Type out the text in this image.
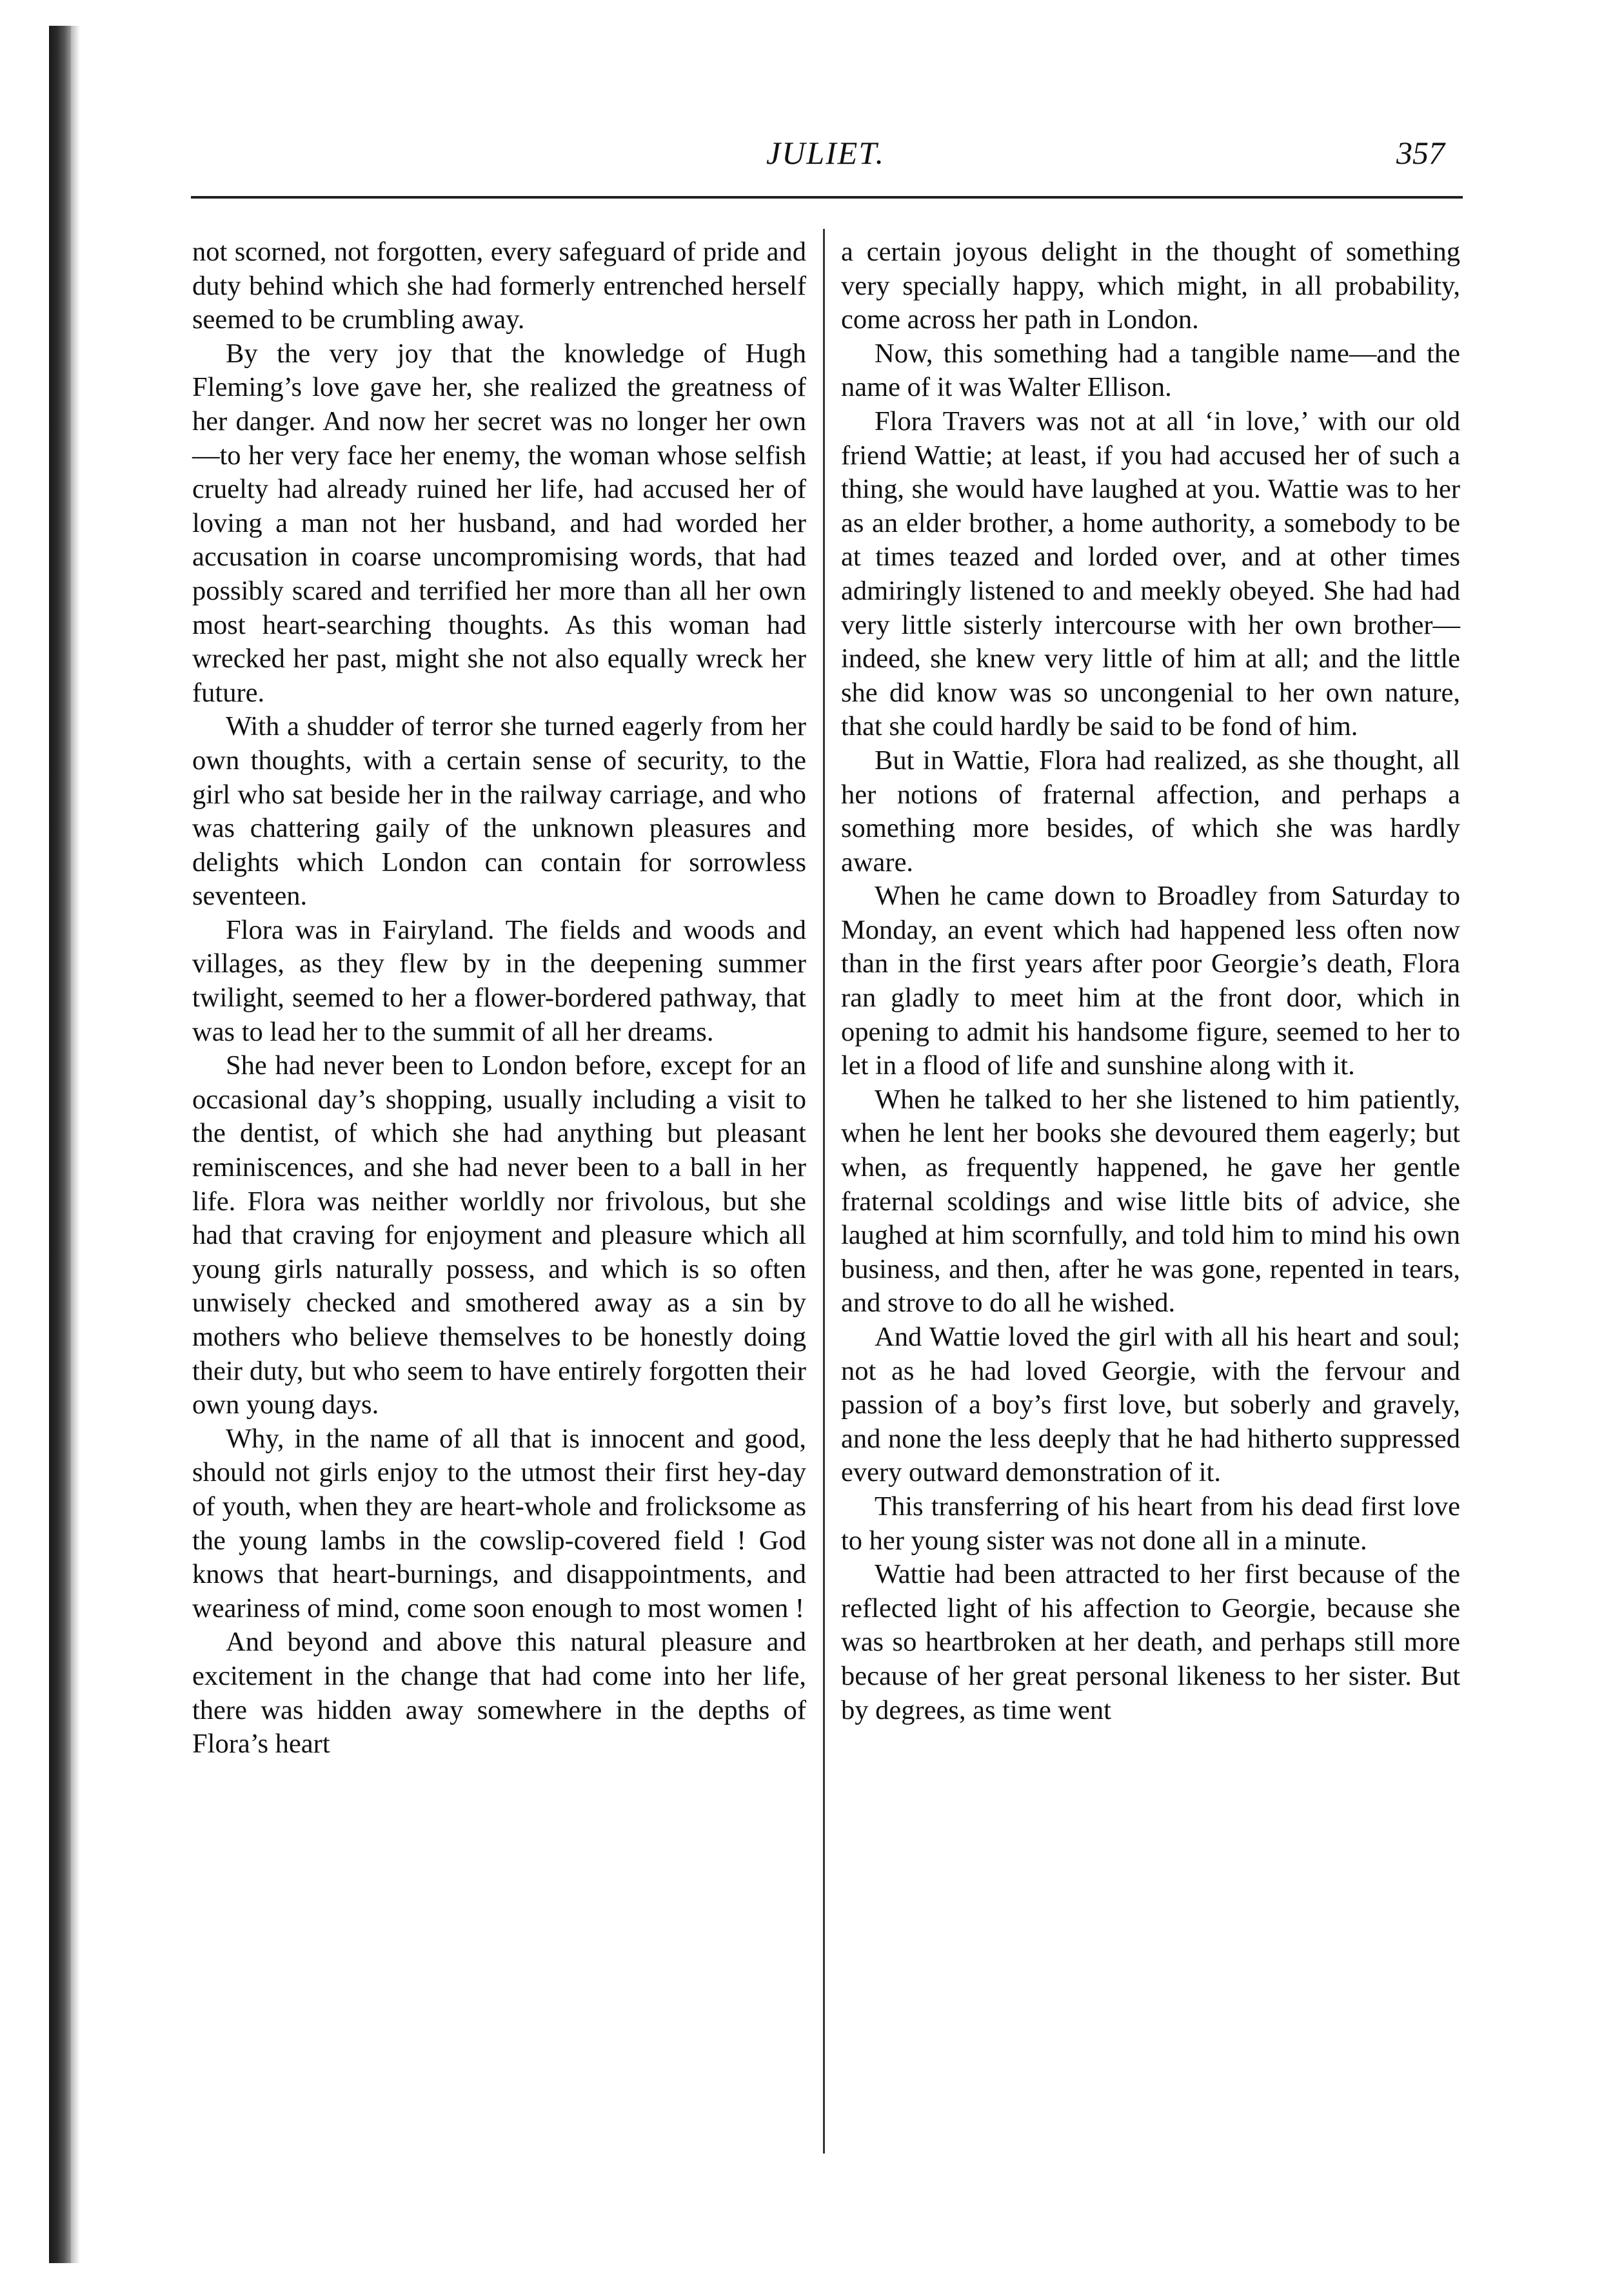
JULIET.	357

not scorned, not forgotten, every safeguard of pride and duty behind which she had formerly entrenched herself seemed to be crumbling away.

By the very joy that the knowledge of Hugh Fleming’s love gave her, she realized the greatness of her danger. And now her secret was no longer her own—to her very face her enemy, the woman whose selfish cruelty had already ruined her life, had accused her of loving a man not her husband, and had worded her accusation in coarse uncompromising words, that had possibly scared and terrified her more than all her own most heart-searching thoughts. As this woman had wrecked her past, might she not also equally wreck her future.

With a shudder of terror she turned eagerly from her own thoughts, with a certain sense of security, to the girl who sat beside her in the railway carriage, and who was chattering gaily of the unknown pleasures and delights which London can contain for sorrowless seventeen.

Flora was in Fairyland. The fields and woods and villages, as they flew by in the deepening summer twilight, seemed to her a flower-bordered pathway, that was to lead her to the summit of all her dreams.

She had never been to London before, except for an occasional day’s shopping, usually including a visit to the dentist, of which she had anything but pleasant reminiscences, and she had never been to a ball in her life. Flora was neither worldly nor frivolous, but she had that craving for enjoyment and pleasure which all young girls naturally possess, and which is so often unwisely checked and smothered away as a sin by mothers who believe themselves to be honestly doing their duty, but who seem to have entirely forgotten their own young days.

Why, in the name of all that is innocent and good, should not girls enjoy to the utmost their first hey-day of youth, when they are heart-whole and frolicksome as the young lambs in the cowslip-covered field ! God knows that heart-burnings, and disappointments, and weariness of mind, come soon enough to most women !

And beyond and above this natural pleasure and excitement in the change that had come into her life, there was hidden away somewhere in the depths of Flora’s heart

a certain joyous delight in the thought of something very specially happy, which might, in all probability, come across her path in London.

Now, this something had a tangible name—and the name of it was Walter Ellison.

Flora Travers was not at all ‘in love,’ with our old friend Wattie; at least, if you had accused her of such a thing, she would have laughed at you. Wattie was to her as an elder brother, a home authority, a somebody to be at times teazed and lorded over, and at other times admiringly listened to and meekly obeyed. She had had very little sisterly intercourse with her own brother—indeed, she knew very little of him at all; and the little she did know was so uncongenial to her own nature, that she could hardly be said to be fond of him.

But in Wattie, Flora had realized, as she thought, all her notions of fraternal affection, and perhaps a something more besides, of which she was hardly aware.

When he came down to Broadley from Saturday to Monday, an event which had happened less often now than in the first years after poor Georgie’s death, Flora ran gladly to meet him at the front door, which in opening to admit his handsome figure, seemed to her to let in a flood of life and sunshine along with it.

When he talked to her she listened to him patiently, when he lent her books she devoured them eagerly; but when, as frequently happened, he gave her gentle fraternal scoldings and wise little bits of advice, she laughed at him scornfully, and told him to mind his own business, and then, after he was gone, repented in tears, and strove to do all he wished.

And Wattie loved the girl with all his heart and soul; not as he had loved Georgie, with the fervour and passion of a boy’s first love, but soberly and gravely, and none the less deeply that he had hitherto suppressed every outward demonstration of it.

This transferring of his heart from his dead first love to her young sister was not done all in a minute.

Wattie had been attracted to her first because of the reflected light of his affection to Georgie, because she was so heartbroken at her death, and perhaps still more because of her great personal likeness to her sister. But by degrees, as time went
